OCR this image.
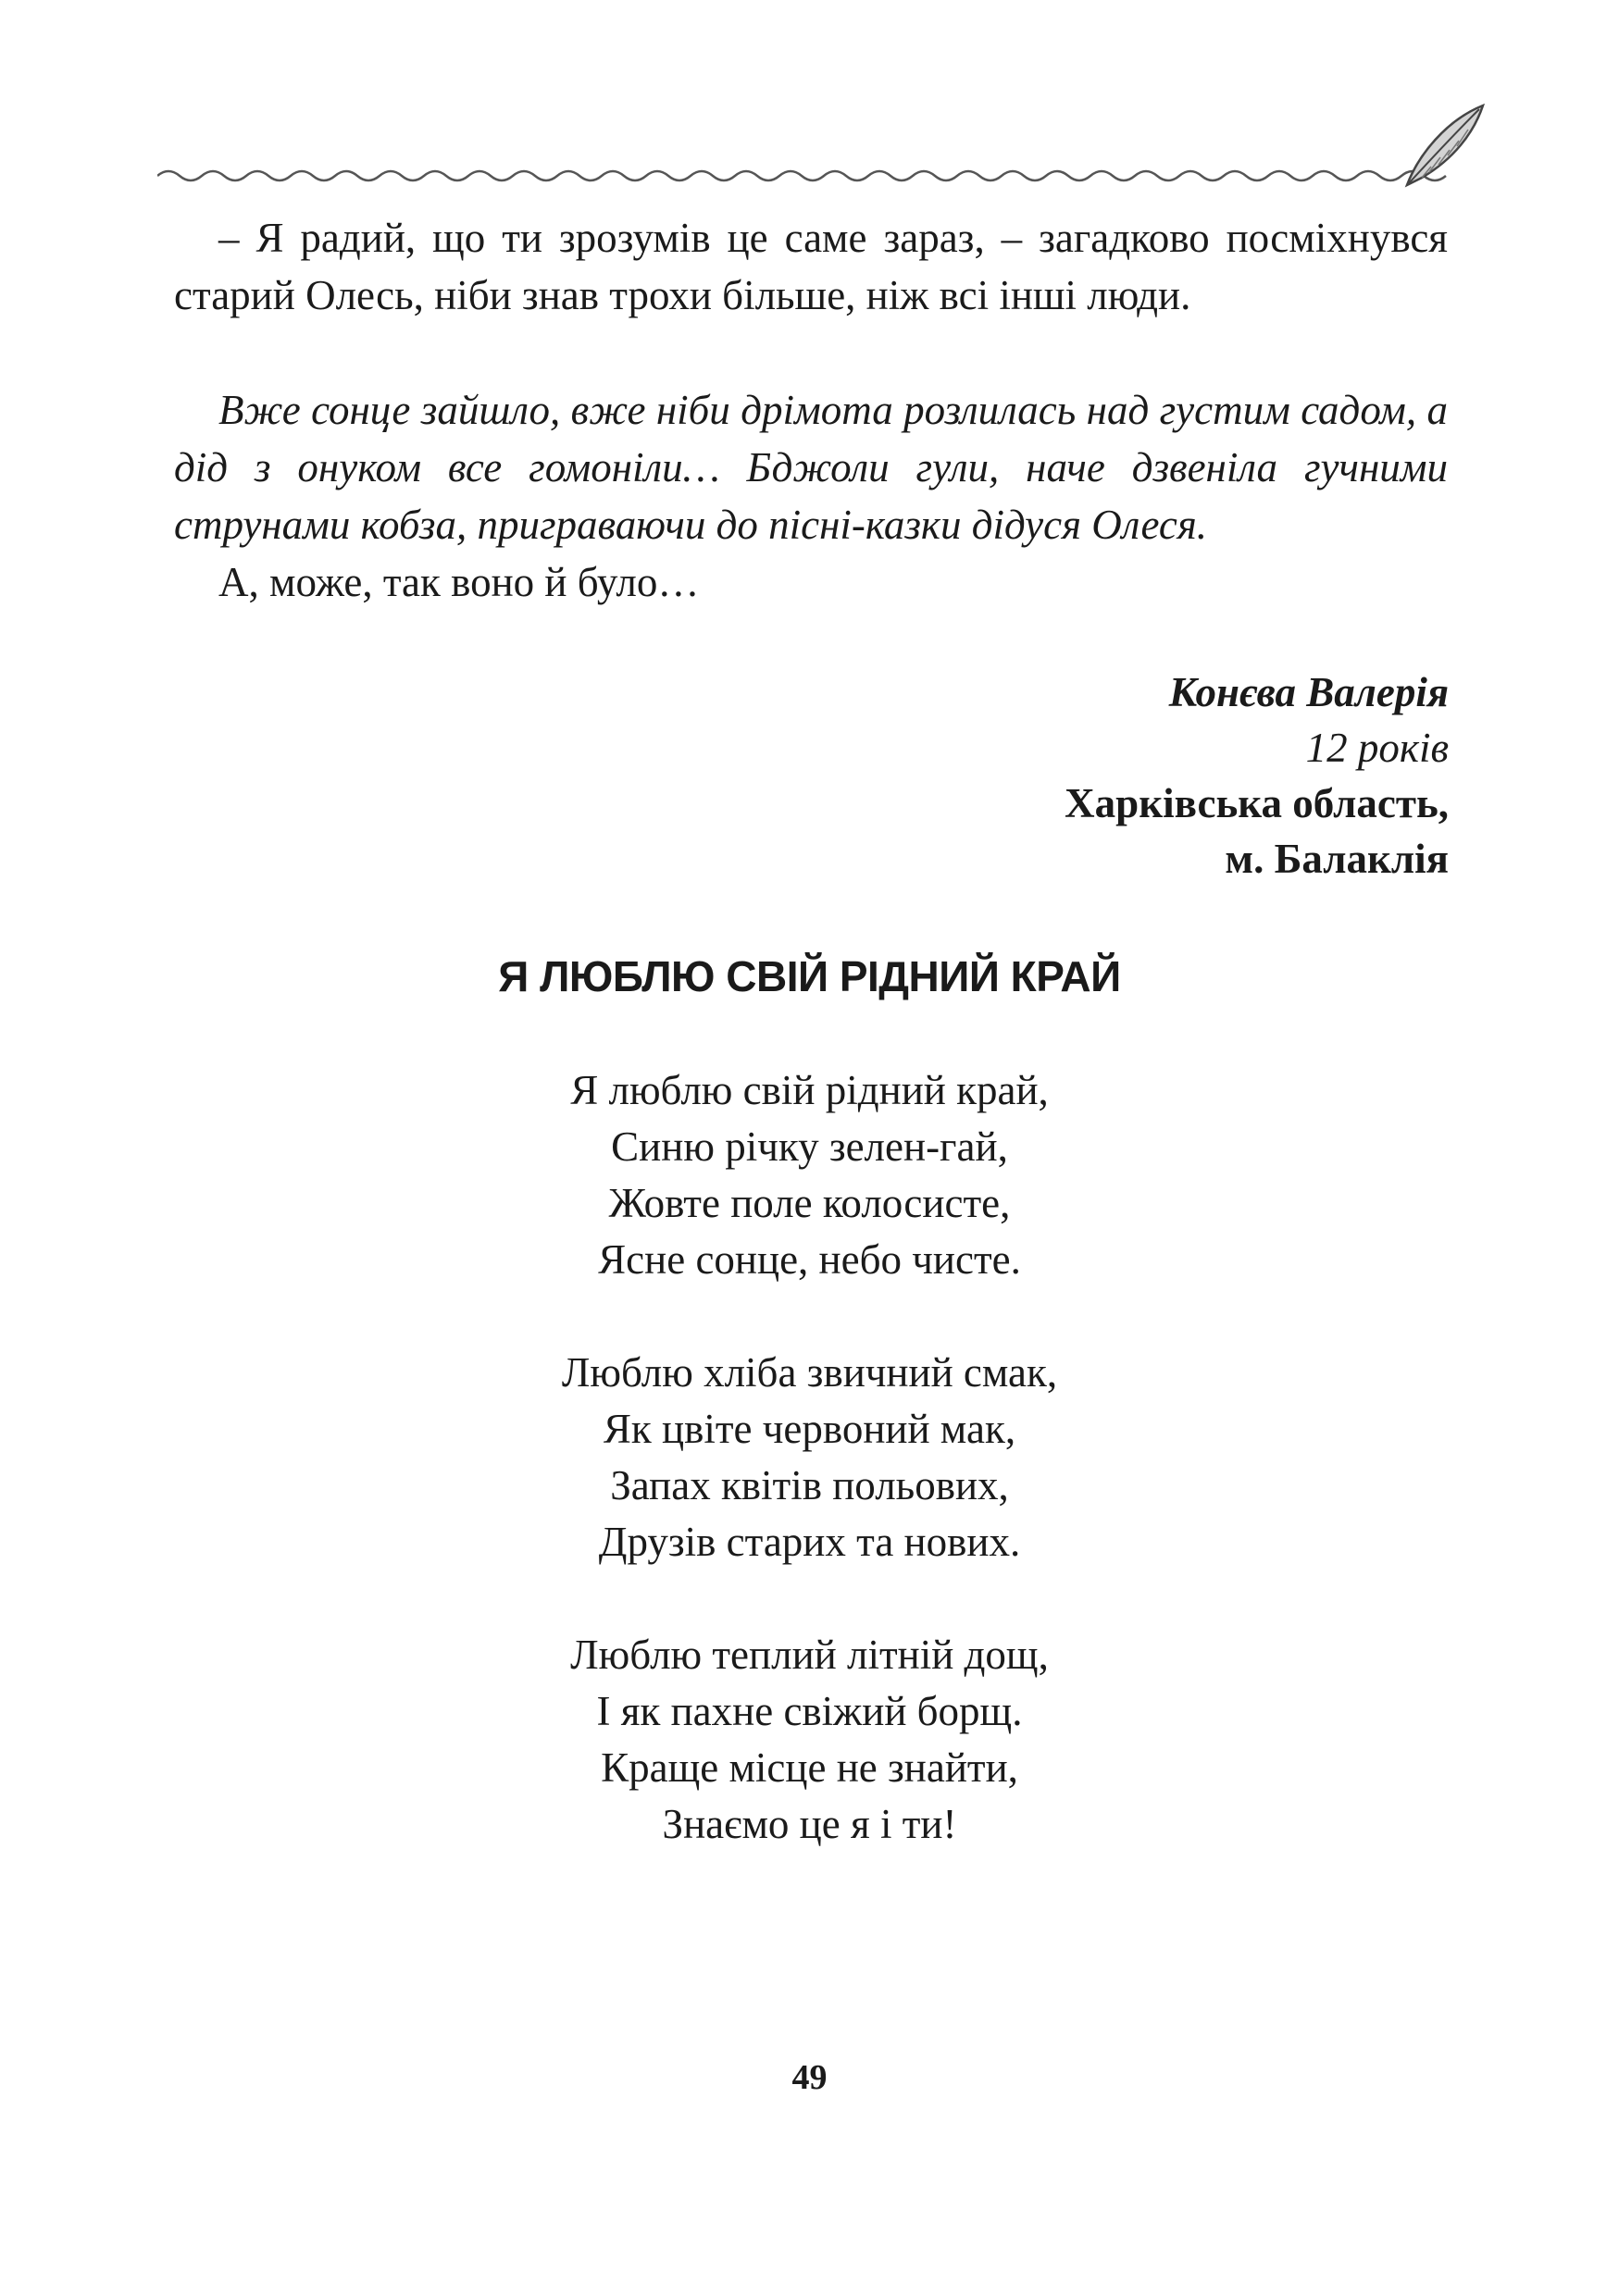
– Я радий, що ти зрозумів це саме зараз, – загадково посміхнувся старий Олесь, ніби знав трохи більше, ніж всі інші люди.

Вже сонце зайшло, вже ніби дрімота розлилась над густим садом, а дід з онуком все гомоніли… Бджоли гули, наче дзвеніла гучними струнами кобза, приграваючи до пісні-казки дідуся Олеся.

А, може, так воно й було…

Конєва Валерія
12 років
Харківська область,
м. Балаклія
Я ЛЮБЛЮ СВІЙ РІДНИЙ КРАЙ
Я люблю свій рідний край,
Синю річку зелен-гай,
Жовте поле колосисте,
Ясне сонце, небо чисте.
Люблю хліба звичний смак,
Як цвіте червоний мак,
Запах квітів польових,
Друзів старих та нових.
Люблю теплий літній дощ,
І як пахне свіжий борщ.
Краще місце не знайти,
Знаємо це я і ти!
49
